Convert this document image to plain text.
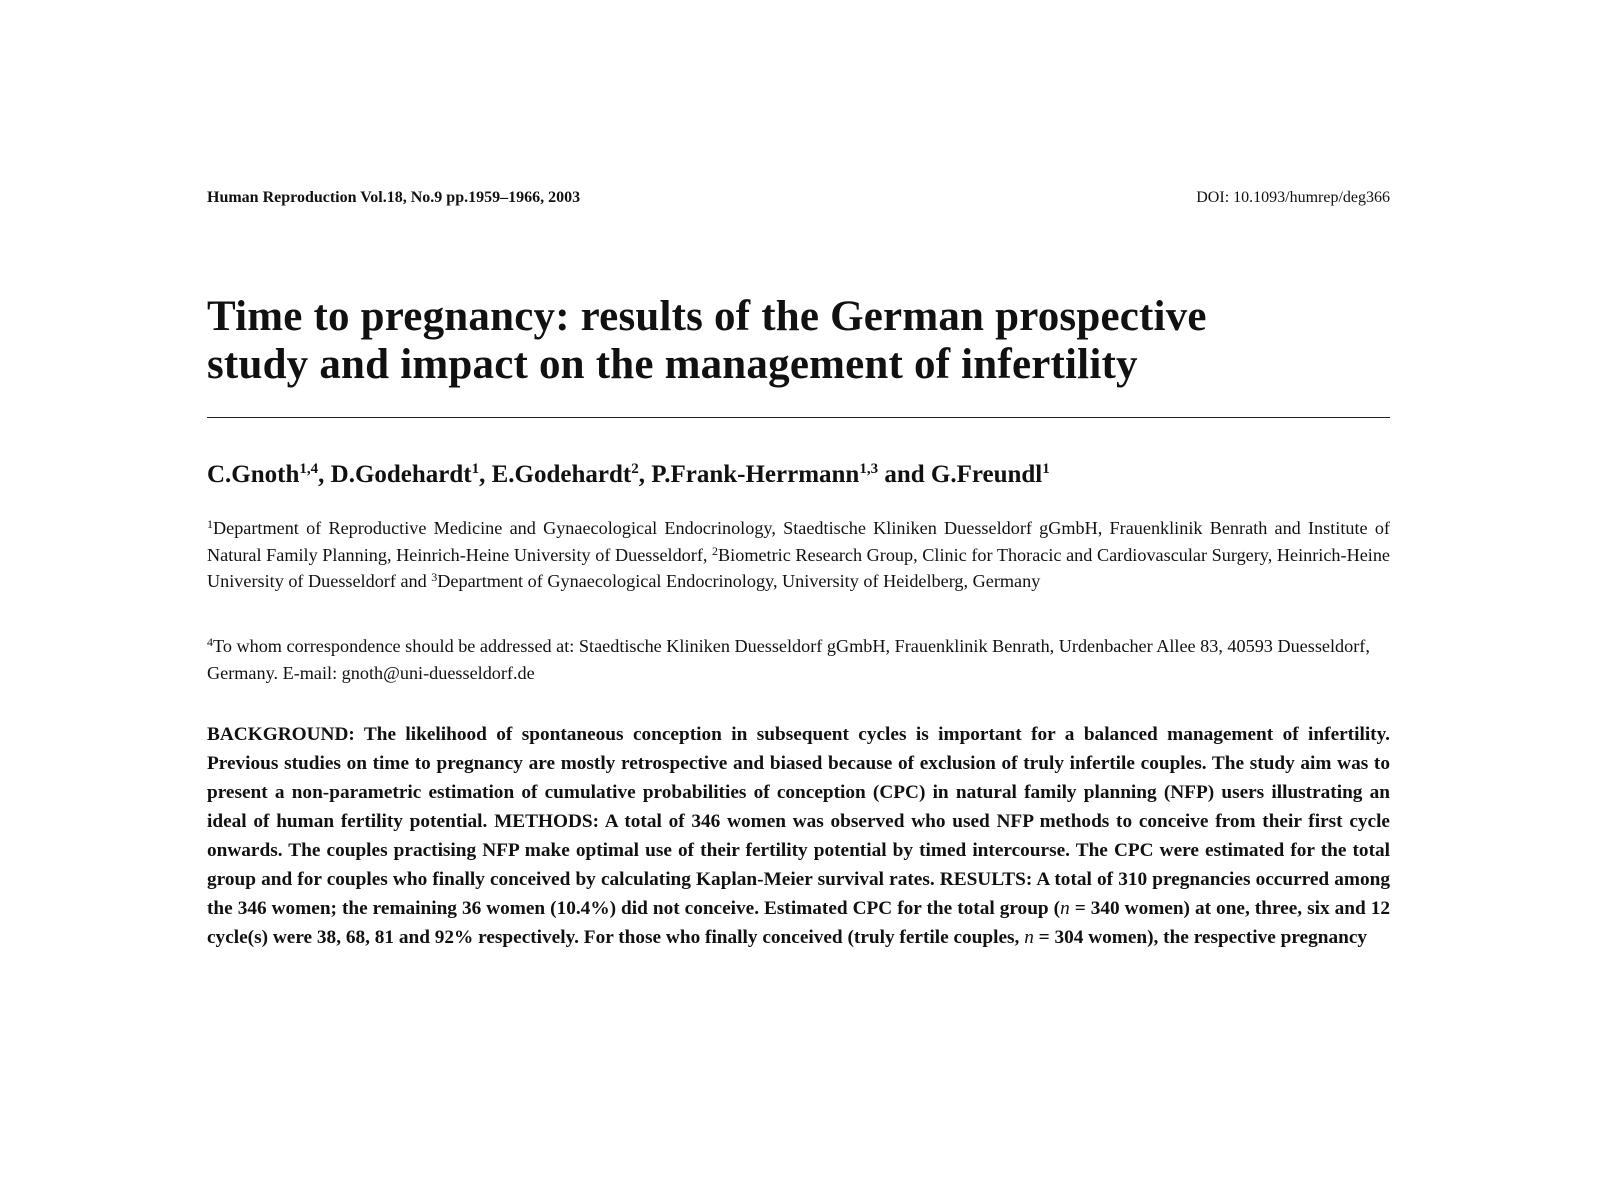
Human Reproduction Vol.18, No.9 pp.1959–1966, 2003	DOI: 10.1093/humrep/deg366
Time to pregnancy: results of the German prospective
study and impact on the management of infertility
C.Gnoth$^{1,4}$, D.Godehardt$^1$, E.Godehardt$^2$, P.Frank-Herrmann$^{1,3}$ and G.Freundl$^1$

$^1$Department of Reproductive Medicine and Gynaecological Endocrinology, Staedtische Kliniken Duesseldorf gGmbH, Frauenklinik Benrath and Institute of Natural Family Planning, Heinrich-Heine University of Duesseldorf, $^2$Biometric Research Group, Clinic for Thoracic and Cardiovascular Surgery, Heinrich-Heine University of Duesseldorf and $^3$Department of Gynaecological Endocrinology, University of Heidelberg, Germany

$^4$To whom correspondence should be addressed at: Staedtische Kliniken Duesseldorf gGmbH, Frauenklinik Benrath, Urdenbacher Allee 83, 40593 Duesseldorf, Germany. E-mail: gnoth@uni-duesseldorf.de

BACKGROUND: The likelihood of spontaneous conception in subsequent cycles is important for a balanced management of infertility. Previous studies on time to pregnancy are mostly retrospective and biased because of exclusion of truly infertile couples. The study aim was to present a non-parametric estimation of cumulative probabilities of conception (CPC) in natural family planning (NFP) users illustrating an ideal of human fertility potential. METHODS: A total of 346 women was observed who used NFP methods to conceive from their first cycle onwards. The couples practising NFP make optimal use of their fertility potential by timed intercourse. The CPC were estimated for the total group and for couples who finally conceived by calculating Kaplan-Meier survival rates. RESULTS: A total of 310 pregnancies occurred among the 346 women; the remaining 36 women (10.4%) did not conceive. Estimated CPC for the total group (n = 340 women) at one, three, six and 12 cycle(s) were 38, 68, 81 and 92% respectively. For those who finally conceived (truly fertile couples, n = 304 women), the respective pregnancy
